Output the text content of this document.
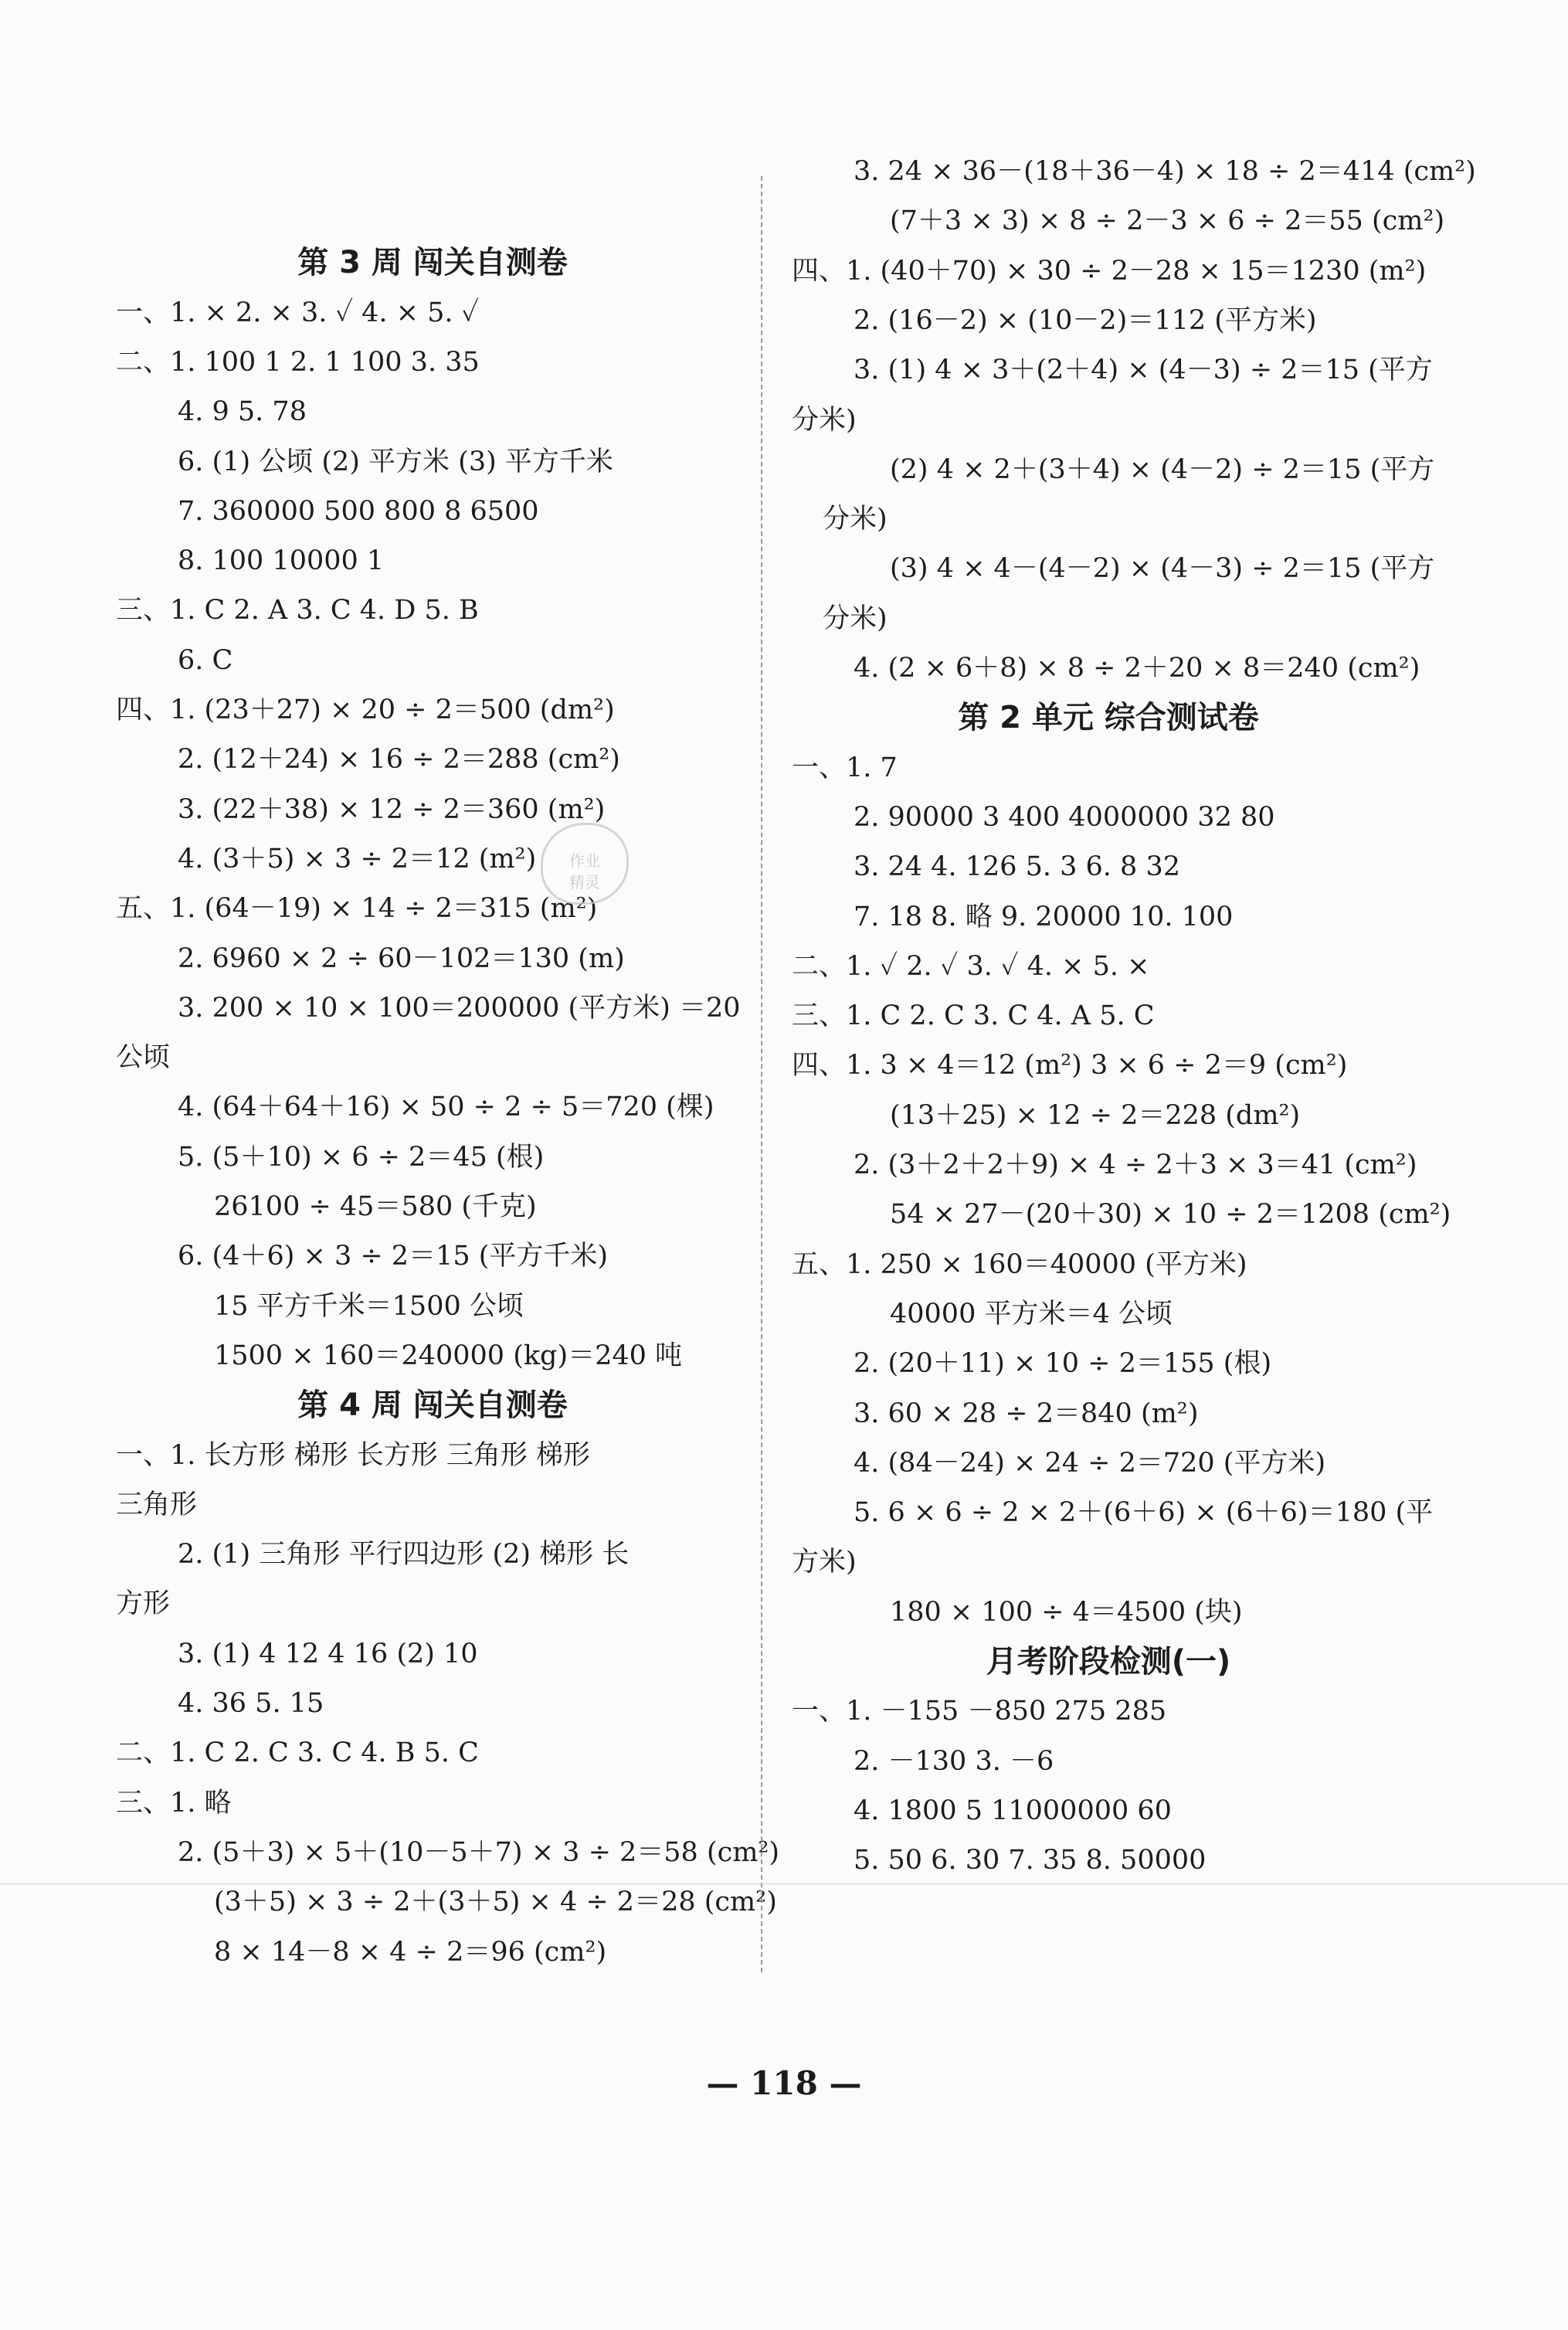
第 3 周 闯关自测卷
一、1. × 2. × 3. ✓ 4. × 5. ✓
二、1. 100 1 2. 1 100 3. 35
4. 9 5. 78
6. (1) 公顷 (2) 平方米 (3) 平方千米
7. 360000 500 800 8 6500
8. 100 10000 1
三、1. C 2. A 3. C 4. D 5. B
6. C
四、1. (23＋27) × 20 ÷ 2＝500 (dm²)
2. (12＋24) × 16 ÷ 2＝288 (cm²)
3. (22＋38) × 12 ÷ 2＝360 (m²)
4. (3＋5) × 3 ÷ 2＝12 (m²)
五、1. (64－19) × 14 ÷ 2＝315 (m²)
2. 6960 × 2 ÷ 60－102＝130 (m)
3. 200 × 10 × 100＝200000 (平方米) ＝20
公顷
4. (64＋64＋16) × 50 ÷ 2 ÷ 5＝720 (棵)
5. (5＋10) × 6 ÷ 2＝45 (根)
26100 ÷ 45＝580 (千克)
6. (4＋6) × 3 ÷ 2＝15 (平方千米)
15 平方千米＝1500 公顷
1500 × 160＝240000 (kg)＝240 吨
第 4 周 闯关自测卷
一、1. 长方形 梯形 长方形 三角形 梯形
三角形
2. (1) 三角形 平行四边形 (2) 梯形 长
方形
3. (1) 4 12 4 16 (2) 10
4. 36 5. 15
二、1. C 2. C 3. C 4. B 5. C
三、1. 略
2. (5＋3) × 5＋(10－5＋7) × 3 ÷ 2＝58 (cm²)
(3＋5) × 3 ÷ 2＋(3＋5) × 4 ÷ 2＝28 (cm²)
8 × 14－8 × 4 ÷ 2＝96 (cm²)
3. 24 × 36－(18＋36－4) × 18 ÷ 2＝414 (cm²)
(7＋3 × 3) × 8 ÷ 2－3 × 6 ÷ 2＝55 (cm²)
四、1. (40＋70) × 30 ÷ 2－28 × 15＝1230 (m²)
2. (16－2) × (10－2)＝112 (平方米)
3. (1) 4 × 3＋(2＋4) × (4－3) ÷ 2＝15 (平方
分米)
(2) 4 × 2＋(3＋4) × (4－2) ÷ 2＝15 (平方
分米)
(3) 4 × 4－(4－2) × (4－3) ÷ 2＝15 (平方
分米)
4. (2 × 6＋8) × 8 ÷ 2＋20 × 8＝240 (cm²)
第 2 单元 综合测试卷
一、1. 7
2. 90000 3 400 4000000 32 80
3. 24 4. 126 5. 3 6. 8 32
7. 18 8. 略 9. 20000 10. 100
二、1. ✓ 2. ✓ 3. ✓ 4. × 5. ×
三、1. C 2. C 3. C 4. A 5. C
四、1. 3 × 4＝12 (m²) 3 × 6 ÷ 2＝9 (cm²)
(13＋25) × 12 ÷ 2＝228 (dm²)
2. (3＋2＋2＋9) × 4 ÷ 2＋3 × 3＝41 (cm²)
54 × 27－(20＋30) × 10 ÷ 2＝1208 (cm²)
五、1. 250 × 160＝40000 (平方米)
40000 平方米＝4 公顷
2. (20＋11) × 10 ÷ 2＝155 (根)
3. 60 × 28 ÷ 2＝840 (m²)
4. (84－24) × 24 ÷ 2＝720 (平方米)
5. 6 × 6 ÷ 2 × 2＋(6＋6) × (6＋6)＝180 (平
方米)
180 × 100 ÷ 4＝4500 (块)
月考阶段检测(一)
一、1. －155 －850 275 285
2. －130 3. －6
4. 1800 5 11000000 60
5. 50 6. 30 7. 35 8. 50000
作业
精灵
— 118 —
